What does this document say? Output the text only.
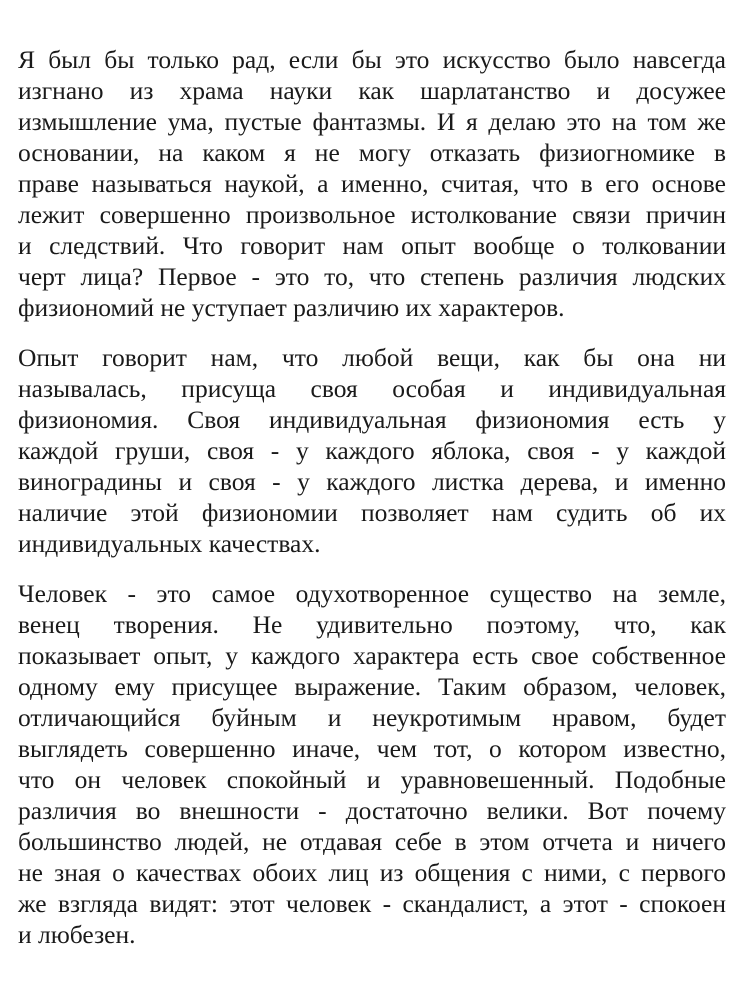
Я был бы только рад, если бы это искусство было навсегда
изгнано из храма науки как шарлатанство и досужее
измышление ума, пустые фантазмы. И я делаю это на том же
основании, на каком я не могу отказать физиогномике в
праве называться наукой, а именно, считая, что в его основе
лежит совершенно произвольное истолкование связи причин
и следствий. Что говорит нам опыт вообще о толковании
черт лица? Первое - это то, что степень различия людских
физиономий не уступает различию их характеров.
Опыт говорит нам, что любой вещи, как бы она ни
называлась, присуща своя особая и индивидуальная
физиономия. Своя индивидуальная физиономия есть у
каждой груши, своя - у каждого яблока, своя - у каждой
виноградины и своя - у каждого листка дерева, и именно
наличие этой физиономии позволяет нам судить об их
индивидуальных качествах.
Человек - это самое одухотворенное существо на земле,
венец творения. Не удивительно поэтому, что, как
показывает опыт, у каждого характера есть свое собственное
одному ему присущее выражение. Таким образом, человек,
отличающийся буйным и неукротимым нравом, будет
выглядеть совершенно иначе, чем тот, о котором известно,
что он человек спокойный и уравновешенный. Подобные
различия во внешности - достаточно велики. Вот почему
большинство людей, не отдавая себе в этом отчета и ничего
не зная о качествах обоих лиц из общения с ними, с первого
же взгляда видят: этот человек - скандалист, а этот - спокоен
и любезен.
